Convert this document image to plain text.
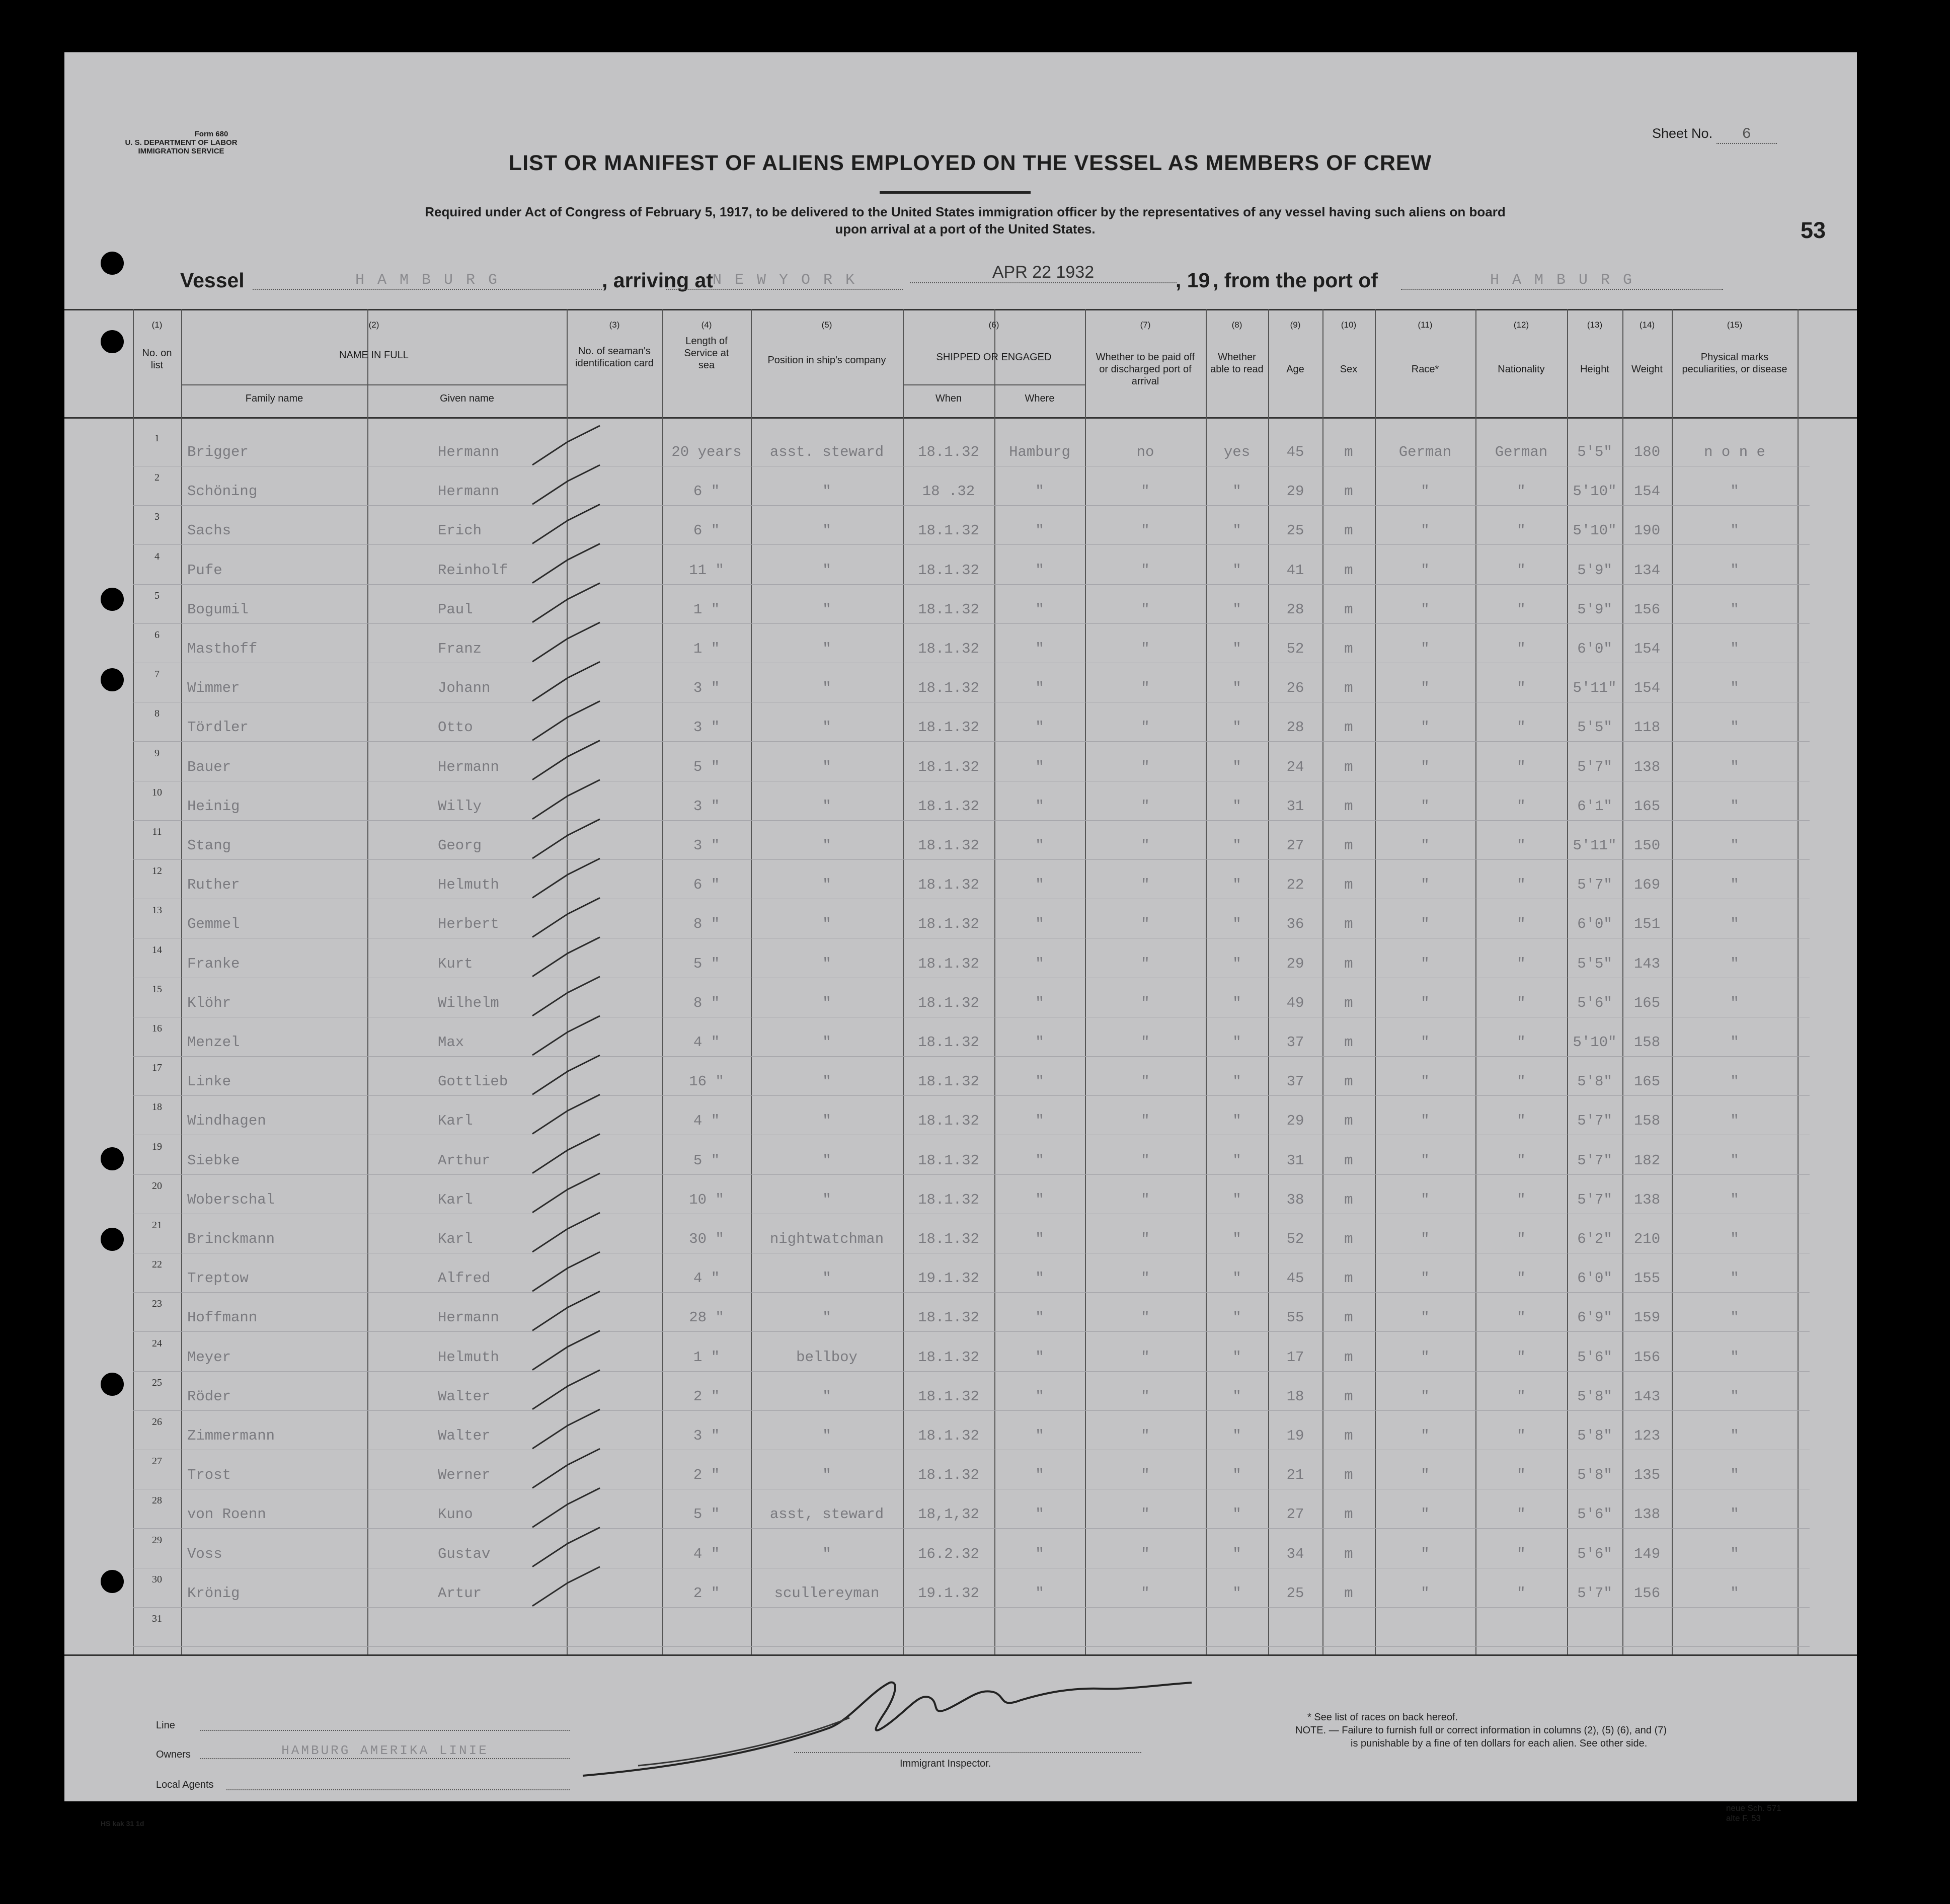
Form 680
U. S. DEPARTMENT OF LABOR
IMMIGRATION SERVICE
Sheet No. 6
53
LIST OR MANIFEST OF ALIENS EMPLOYED ON THE VESSEL AS MEMBERS OF CREW
Required under Act of Congress of February 5, 1917, to be delivered to the United States immigration officer by the representatives of any vessel having such aliens on board
upon arrival at a port of the United States.
Vessel	H A M B U R G	, arriving at
N E W Y O R K	APR 22 1932	, 19 , from the port of	H A M B U R G
(1)
No. on list
(2)
NAME IN FULL
Family name	Given name
(3)
No. of seaman's identification card
(4)
Length of Service at sea
(5)
Position in ship's company
(6)
SHIPPED OR ENGAGED
When	Where
(7)
Whether to be paid off or discharged port of arrival
(8)
Whether able to read
(9)
Age
(10)
Sex
(11)
Race*
(12)
Nationality
(13)
Height
(14)
Weight
(15)
Physical marks peculiarities, or disease
1
Brigger	Hermann	20 years	asst. steward	18.1.32	Hamburg	no	yes	45	m	German	German	5'5"	180	n o n e
2
Schöning	Hermann	6 "	"	18 .32	"	"	"	29	m	"	"	5'10"	154	"
3
Sachs	Erich	6 "	"	18.1.32	"	"	"	25	m	"	"	5'10"	190	"
4
Pufe	Reinholf	11 "	"	18.1.32	"	"	"	41	m	"	"	5'9"	134	"
5
Bogumil	Paul	1 "	"	18.1.32	"	"	"	28	m	"	"	5'9"	156	"
6
Masthoff	Franz	1 "	"	18.1.32	"	"	"	52	m	"	"	6'0"	154	"
7
Wimmer	Johann	3 "	"	18.1.32	"	"	"	26	m	"	"	5'11"	154	"
8
Tördler	Otto	3 "	"	18.1.32	"	"	"	28	m	"	"	5'5"	118	"
9
Bauer	Hermann	5 "	"	18.1.32	"	"	"	24	m	"	"	5'7"	138	"
10
Heinig	Willy	3 "	"	18.1.32	"	"	"	31	m	"	"	6'1"	165	"
11
Stang	Georg	3 "	"	18.1.32	"	"	"	27	m	"	"	5'11"	150	"
12
Ruther	Helmuth	6 "	"	18.1.32	"	"	"	22	m	"	"	5'7"	169	"
13
Gemmel	Herbert	8 "	"	18.1.32	"	"	"	36	m	"	"	6'0"	151	"
14
Franke	Kurt	5 "	"	18.1.32	"	"	"	29	m	"	"	5'5"	143	"
15
Klöhr	Wilhelm	8 "	"	18.1.32	"	"	"	49	m	"	"	5'6"	165	"
16
Menzel	Max	4 "	"	18.1.32	"	"	"	37	m	"	"	5'10"	158	"
17
Linke	Gottlieb	16 "	"	18.1.32	"	"	"	37	m	"	"	5'8"	165	"
18
Windhagen	Karl	4 "	"	18.1.32	"	"	"	29	m	"	"	5'7"	158	"
19
Siebke	Arthur	5 "	"	18.1.32	"	"	"	31	m	"	"	5'7"	182	"
20
Woberschal	Karl	10 "	"	18.1.32	"	"	"	38	m	"	"	5'7"	138	"
21
Brinckmann	Karl	30 "	nightwatchman	18.1.32	"	"	"	52	m	"	"	6'2"	210	"
22
Treptow	Alfred	4 "	"	19.1.32	"	"	"	45	m	"	"	6'0"	155	"
23
Hoffmann	Hermann	28 "	"	18.1.32	"	"	"	55	m	"	"	6'9"	159	"
24
Meyer	Helmuth	1 "	bellboy	18.1.32	"	"	"	17	m	"	"	5'6"	156	"
25
Röder	Walter	2 "	"	18.1.32	"	"	"	18	m	"	"	5'8"	143	"
26
Zimmermann	Walter	3 "	"	18.1.32	"	"	"	19	m	"	"	5'8"	123	"
27
Trost	Werner	2 "	"	18.1.32	"	"	"	21	m	"	"	5'8"	135	"
28
von Roenn	Kuno	5 "	asst, steward	18,1,32	"	"	"	27	m	"	"	5'6"	138	"
29
Voss	Gustav	4 "	"	16.2.32	"	"	"	34	m	"	"	5'6"	149	"
30
Krönig	Artur	2 "	scullereyman	19.1.32	"	"	"	25	m	"	"	5'7"	156	"
31
Line
Owners	HAMBURG AMERIKA LINIE
Local Agents
Immigrant Inspector.
* See list of races on back hereof.
NOTE. — Failure to furnish full or correct information in columns (2), (5) (6), and (7)
is punishable by a fine of ten dollars for each alien. See other side.
HS kak 31 1d
neue Sch. 571
alte F. 53
